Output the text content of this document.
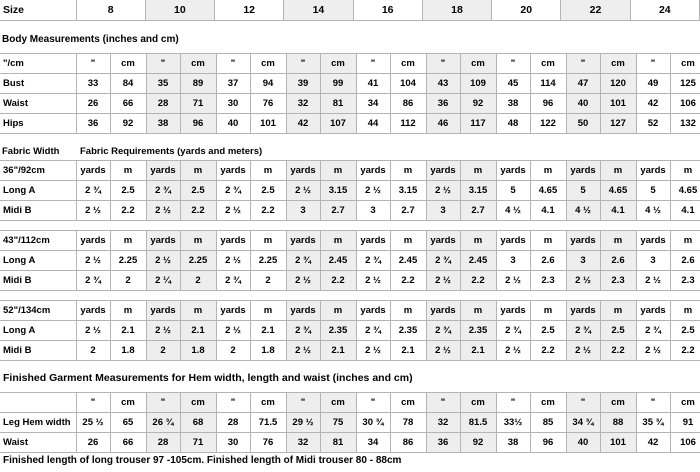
Size	8	10	12	14	16	18	20	22	24
Body Measurements (inches and cm)
"/cm	"	cm	"	cm	"	cm	"	cm	"	cm	"	cm	"	cm	"	cm	"	cm
Bust	33	84	35	89	37	94	39	99	41	104	43	109	45	114	47	120	49	125
Waist	26	66	28	71	30	76	32	81	34	86	36	92	38	96	40	101	42	106
Hips	36	92	38	96	40	101	42	107	44	112	46	117	48	122	50	127	52	132
Fabric Width	Fabric Requirements (yards and meters)
36"/92cm	yards	m	yards	m	yards	m	yards	m	yards	m	yards	m	yards	m	yards	m	yards	m
Long A	2 ¾	2.5	2 ¾	2.5	2 ¾	2.5	2 ½	3.15	2 ½	3.15	2 ½	3.15	5	4.65	5	4.65	5	4.65
Midi B	2 ½	2.2	2 ½	2.2	2 ½	2.2	3	2.7	3	2.7	3	2.7	4 ½	4.1	4 ½	4.1	4 ½	4.1
43"/112cm	yards	m	yards	m	yards	m	yards	m	yards	m	yards	m	yards	m	yards	m	yards	m
Long A	2 ½	2.25	2 ½	2.25	2 ½	2.25	2 ¾	2.45	2 ¾	2.45	2 ¾	2.45	3	2.6	3	2.6	3	2.6
Midi B	2 ¾	2	2 ¼	2	2 ¾	2	2 ½	2.2	2 ½	2.2	2 ½	2.2	2 ½	2.3	2 ½	2.3	2 ½	2.3
52"/134cm	yards	m	yards	m	yards	m	yards	m	yards	m	yards	m	yards	m	yards	m	yards	m
Long A	2 ½	2.1	2 ½	2.1	2 ½	2.1	2 ¾	2.35	2 ¾	2.35	2 ¾	2.35	2 ¾	2.5	2 ¾	2.5	2 ¾	2.5
Midi B	2	1.8	2	1.8	2	1.8	2 ½	2.1	2 ½	2.1	2 ½	2.1	2 ½	2.2	2 ½	2.2	2 ½	2.2
Finished Garment Measurements for Hem width, length and waist (inches and cm)
	"	cm	"	cm	"	cm	"	cm	"	cm	"	cm	"	cm	"	cm	"	cm
Leg Hem width	25 ½	65	26 ¾	68	28	71.5	29 ½	75	30 ¾	78	32	81.5	33½	85	34 ¾	88	35 ¾	91
Waist	26	66	28	71	30	76	32	81	34	86	36	92	38	96	40	101	42	106
Finished length of long trouser 97 -105cm. Finished length of Midi trouser 80 - 88cm
